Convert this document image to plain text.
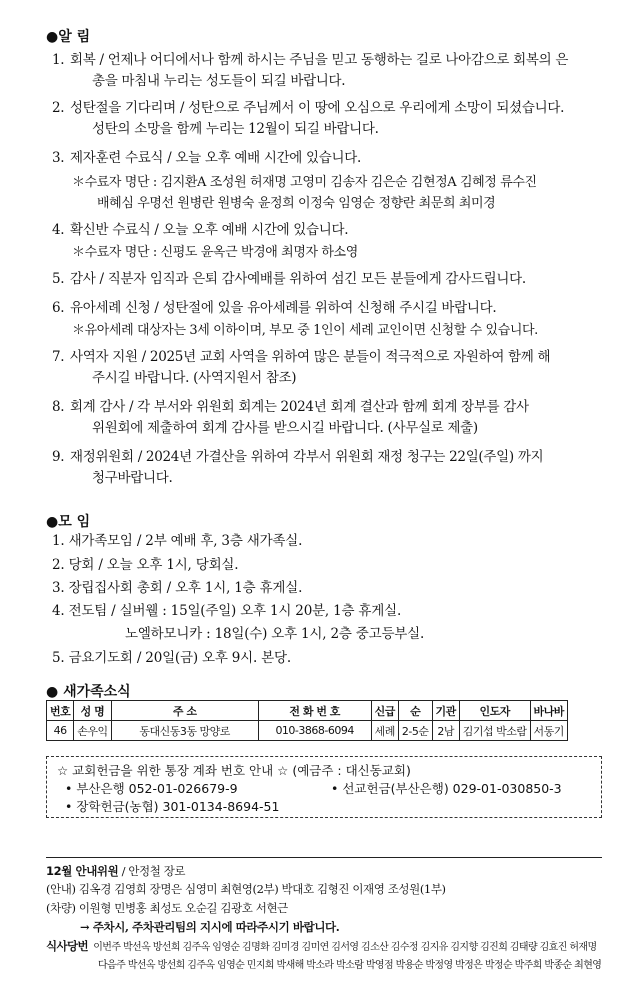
●알 림
1. 회복 / 언제나 어디에서나 함께 하시는 주님을 믿고 동행하는 길로 나아감으로 회복의 은
총을 마침내 누리는 성도들이 되길 바랍니다.
2. 성탄절을 기다리며 / 성탄으로 주님께서 이 땅에 오심으로 우리에게 소망이 되셨습니다.
성탄의 소망을 함께 누리는 12월이 되길 바랍니다.
3. 제자훈련 수료식 / 오늘 오후 예배 시간에 있습니다.
＊수료자 명단 : 김지환A 조성원 허재명 고영미 김송자 김은순 김현정A 김혜정 류수진
배혜심 우명선 원병란 원병숙 윤정희 이정숙 임영순 정향란 최문희 최미경
4. 확신반 수료식 / 오늘 오후 예배 시간에 있습니다.
＊수료자 명단 : 신평도 윤옥근 박경애 최명자 하소영
5. 감사 / 직분자 임직과 은퇴 감사예배를 위하여 섬긴 모든 분들에게 감사드립니다.
6. 유아세례 신청 / 성탄절에 있을 유아세례를 위하여 신청해 주시길 바랍니다.
＊유아세례 대상자는 3세 이하이며, 부모 중 1인이 세례 교인이면 신청할 수 있습니다.
7. 사역자 지원 / 2025년 교회 사역을 위하여 많은 분들이 적극적으로 자원하여 함께 해
주시길 바랍니다. (사역지원서 참조)
8. 회계 감사 / 각 부서와 위원회 회계는 2024년 회계 결산과 함께 회계 장부를 감사
위원회에 제출하여 회계 감사를 받으시길 바랍니다. (사무실로 제출)
9. 재정위원회 / 2024년 가결산을 위하여 각부서 위원회 재정 청구는 22일(주일) 까지
청구바랍니다.
●모 임
1. 새가족모임 / 2부 예배 후, 3층 새가족실.
2. 당회 / 오늘 오후 1시, 당회실.
3. 장립집사회 총회 / 오후 1시, 1층 휴게실.
4. 전도팀 / 실버웰 : 15일(주일) 오후 1시 20분, 1층 휴게실.
노엘하모니카 : 18일(수) 오후 1시, 2층 중고등부실.
5. 금요기도회 / 20일(금) 오후 9시. 본당.
● 새가족소식
번호	성 명	주 소	전 화 번 호	신급	순	기관	인도자	바나바
46	손우익	동대신동3동 망양로	010-3868-6094	세례	2-5순	2남	김기섭 박소람	서동기
☆ 교회헌금을 위한 통장 계좌 번호 안내 ☆ (예금주 : 대신동교회)
• 부산은행 052-01-026679-9	• 선교헌금(부산은행) 029-01-030850-3
• 장학헌금(농협) 301-0134-8694-51
12월 안내위원 / 안정철 장로
(안내) 김옥경 김영희 장명은 심영미 최현영(2부) 박대호 김형진 이재영 조성원(1부)
(차량) 이원형 민병홍 최성도 오순길 김광호 서현근
→ 주차시, 주차관리팀의 지시에 따라주시기 바랍니다.
식사당번 이번주 박선옥 방선희 김주옥 임영순 김명화 김미경 김미연 김서영 김소산 김수정 김지유 김지향 김진희 김태량 김효진 허재명
다음주 박선옥 방선희 김주옥 임영순 민지희 박새해 박소라 박소람 박영점 박용순 박정영 박정은 박정순 박주희 박종순 최현영
